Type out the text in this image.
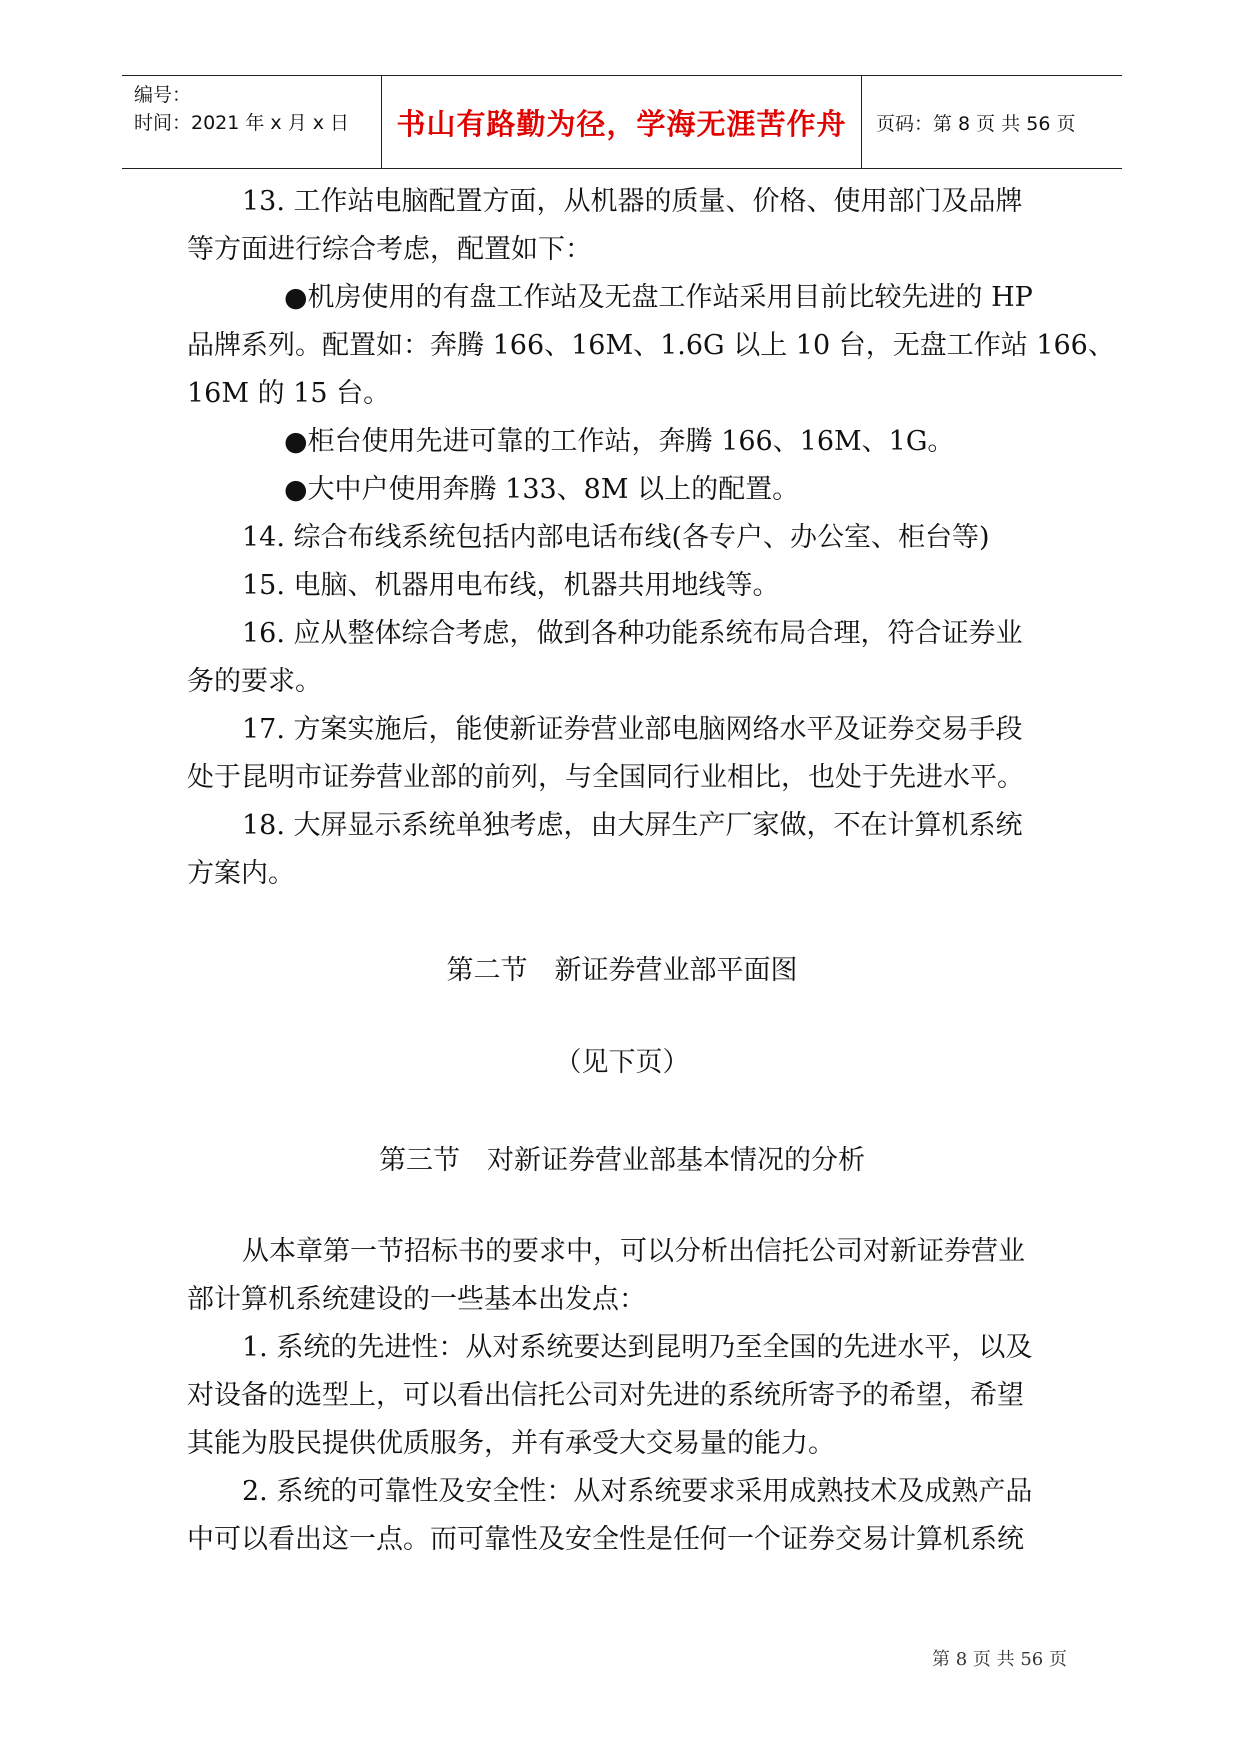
编号：
时间：2021 年 x 月 x 日 书山有路勤为径，学海无涯苦作舟 页码：第 8 页 共 56 页

13. 工作站电脑配置方面，从机器的质量、价格、使用部门及品牌

等方面进行综合考虑，配置如下：

●机房使用的有盘工作站及无盘工作站采用目前比较先进的 HP

品牌系列。配置如：奔腾 166、16M、1.6G 以上 10 台，无盘工作站 166、

16M 的 15 台。

●柜台使用先进可靠的工作站，奔腾 166、16M、1G。

●大中户使用奔腾 133、8M 以上的配置。

14. 综合布线系统包括内部电话布线(各专户、办公室、柜台等)

15. 电脑、机器用电布线，机器共用地线等。

16. 应从整体综合考虑，做到各种功能系统布局合理，符合证券业

务的要求。

17. 方案实施后，能使新证券营业部电脑网络水平及证券交易手段

处于昆明市证券营业部的前列，与全国同行业相比，也处于先进水平。

18. 大屏显示系统单独考虑，由大屏生产厂家做，不在计算机系统

方案内。

第二节　新证券营业部平面图
（见下页）
第三节　对新证券营业部基本情况的分析

从本章第一节招标书的要求中，可以分析出信托公司对新证券营业

部计算机系统建设的一些基本出发点：

1. 系统的先进性：从对系统要达到昆明乃至全国的先进水平，以及

对设备的选型上，可以看出信托公司对先进的系统所寄予的希望，希望

其能为股民提供优质服务，并有承受大交易量的能力。

2. 系统的可靠性及安全性：从对系统要求采用成熟技术及成熟产品

中可以看出这一点。而可靠性及安全性是任何一个证券交易计算机系统

第 8 页 共 56 页
